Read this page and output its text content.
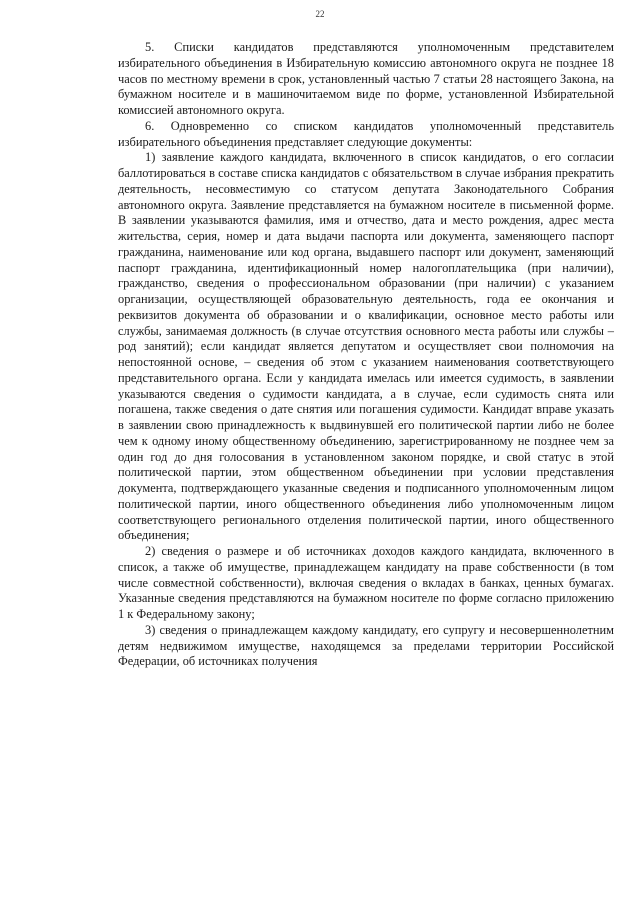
22

5. Списки кандидатов представляются уполномоченным представителем избирательного объединения в Избирательную комиссию автономного округа не позднее 18 часов по местному времени в срок, установленный частью 7 статьи 28 настоящего Закона, на бумажном носителе и в машиночитаемом виде по форме, установленной Избирательной комиссией автономного округа.

6. Одновременно со списком кандидатов уполномоченный представитель избирательного объединения представляет следующие документы:

1) заявление каждого кандидата, включенного в список кандидатов, о его согласии баллотироваться в составе списка кандидатов с обязательством в случае избрания прекратить деятельность, несовместимую со статусом депутата Законодательного Собрания автономного округа. Заявление представляется на бумажном носителе в письменной форме. В заявлении указываются фамилия, имя и отчество, дата и место рождения, адрес места жительства, серия, номер и дата выдачи паспорта или документа, заменяющего паспорт гражданина, наименование или код органа, выдавшего паспорт или документ, заменяющий паспорт гражданина, идентификационный номер налогоплательщика (при наличии), гражданство, сведения о профессиональном образовании (при наличии) с указанием организации, осуществляющей образовательную деятельность, года ее окончания и реквизитов документа об образовании и о квалификации, основное место работы или службы, занимаемая должность (в случае отсутствия основного места работы или службы – род занятий); если кандидат является депутатом и осуществляет свои полномочия на непостоянной основе, – сведения об этом с указанием наименования соответствующего представительного органа. Если у кандидата имелась или имеется судимость, в заявлении указываются сведения о судимости кандидата, а в случае, если судимость снята или погашена, также сведения о дате снятия или погашения судимости. Кандидат вправе указать в заявлении свою принадлежность к выдвинувшей его политической партии либо не более чем к одному иному общественному объединению, зарегистрированному не позднее чем за один год до дня голосования в установленном законом порядке, и свой статус в этой политической партии, этом общественном объединении при условии представления документа, подтверждающего указанные сведения и подписанного уполномоченным лицом политической партии, иного общественного объединения либо уполномоченным лицом соответствующего регионального отделения политической партии, иного общественного объединения;

2) сведения о размере и об источниках доходов каждого кандидата, включенного в список, а также об имуществе, принадлежащем кандидату на праве собственности (в том числе совместной собственности), включая сведения о вкладах в банках, ценных бумагах. Указанные сведения представляются на бумажном носителе по форме согласно приложению 1 к Федеральному закону;

3) сведения о принадлежащем каждому кандидату, его супругу и несовершеннолетним детям недвижимом имуществе, находящемся за пределами территории Российской Федерации, об источниках получения
